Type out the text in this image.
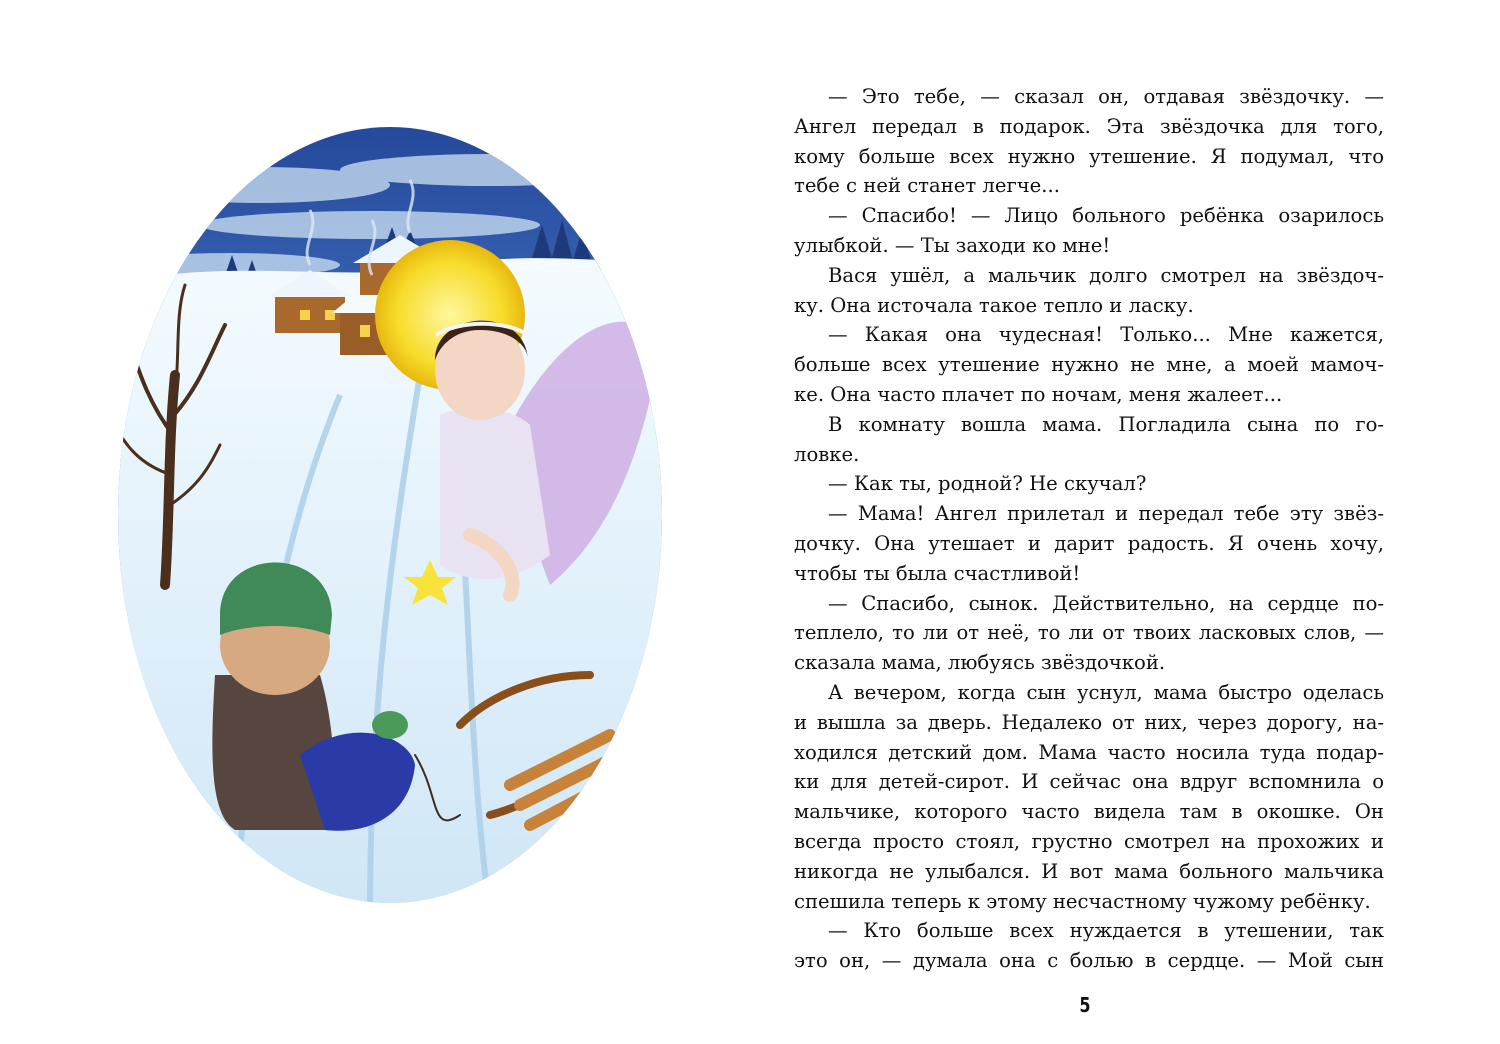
— Это тебе, — сказал он, отдавая звёздочку. —
Ангел передал в подарок. Эта звёздочка для того,
кому больше всех нужно утешение. Я подумал, что
тебе с ней станет легче...
— Спасибо! — Лицо больного ребёнка озарилось
улыбкой. — Ты заходи ко мне!
Вася ушёл, а мальчик долго смотрел на звёздоч-
ку. Она источала такое тепло и ласку.
— Какая она чудесная! Только... Мне кажется,
больше всех утешение нужно не мне, а моей мамоч-
ке. Она часто плачет по ночам, меня жалеет...
В комнату вошла мама. Погладила сына по го-
ловке.
— Как ты, родной? Не скучал?
— Мама! Ангел прилетал и передал тебе эту звёз-
дочку. Она утешает и дарит радость. Я очень хочу,
чтобы ты была счастливой!
— Спасибо, сынок. Действительно, на сердце по-
теплело, то ли от неё, то ли от твоих ласковых слов, —
сказала мама, любуясь звёздочкой.
А вечером, когда сын уснул, мама быстро оделась
и вышла за дверь. Недалеко от них, через дорогу, на-
ходился детский дом. Мама часто носила туда подар-
ки для детей-сирот. И сейчас она вдруг вспомнила о
мальчике, которого часто видела там в окошке. Он
всегда просто стоял, грустно смотрел на прохожих и
никогда не улыбался. И вот мама больного мальчика
спешила теперь к этому несчастному чужому ребёнку.
— Кто больше всех нуждается в утешении, так
это он, — думала она с болью в сердце. — Мой сын
5
